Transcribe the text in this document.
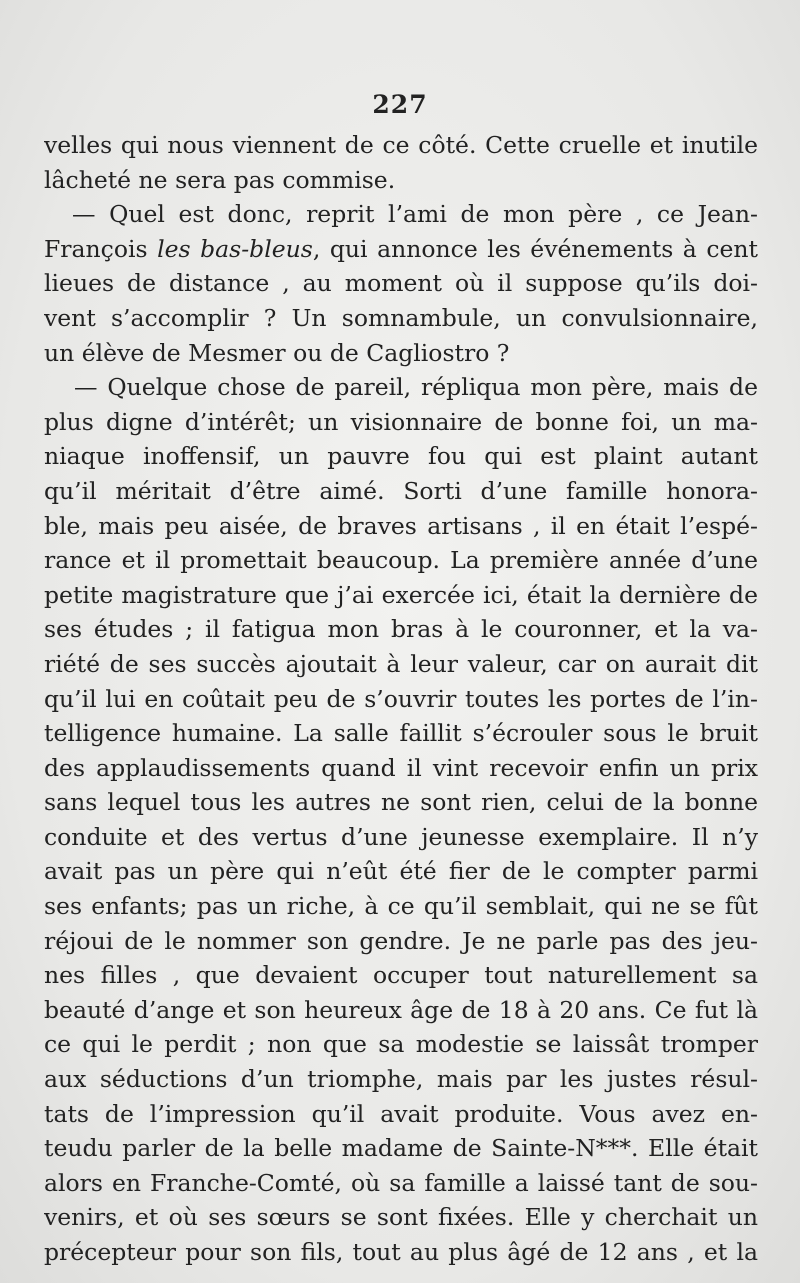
227
velles qui nous viennent de ce côté. Cette cruelle et inutile
lâcheté ne sera pas commise.
— Quel est donc, reprit l’ami de mon père , ce Jean-
François les bas-bleus, qui annonce les événements à cent
lieues de distance , au moment où il suppose qu’ils doi-
vent s’accomplir ? Un somnambule, un convulsionnaire,
un élève de Mesmer ou de Cagliostro ?
— Quelque chose de pareil, répliqua mon père, mais de
plus digne d’intérêt; un visionnaire de bonne foi, un ma-
niaque inoffensif, un pauvre fou qui est plaint autant
qu’il méritait d’être aimé. Sorti d’une famille honora-
ble, mais peu aisée, de braves artisans , il en était l’espé-
rance et il promettait beaucoup. La première année d’une
petite magistrature que j’ai exercée ici, était la dernière de
ses études ; il fatigua mon bras à le couronner, et la va-
riété de ses succès ajoutait à leur valeur, car on aurait dit
qu’il lui en coûtait peu de s’ouvrir toutes les portes de l’in-
telligence humaine. La salle faillit s’écrouler sous le bruit
des applaudissements quand il vint recevoir enfin un prix
sans lequel tous les autres ne sont rien, celui de la bonne
conduite et des vertus d’une jeunesse exemplaire. Il n’y
avait pas un père qui n’eût été fier de le compter parmi
ses enfants; pas un riche, à ce qu’il semblait, qui ne se fût
réjoui de le nommer son gendre. Je ne parle pas des jeu-
nes filles , que devaient occuper tout naturellement sa
beauté d’ange et son heureux âge de 18 à 20 ans. Ce fut là
ce qui le perdit ; non que sa modestie se laissât tromper
aux séductions d’un triomphe, mais par les justes résul-
tats de l’impression qu’il avait produite. Vous avez en-
teudu parler de la belle madame de Sainte-N***. Elle était
alors en Franche-Comté, où sa famille a laissé tant de sou-
venirs, et où ses sœurs se sont fixées. Elle y cherchait un
précepteur pour son fils, tout au plus âgé de 12 ans , et la
